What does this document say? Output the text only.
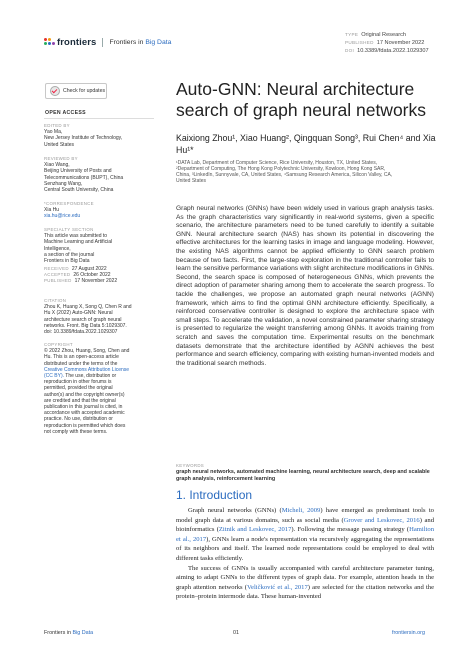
frontiers Frontiers in Big Data
TYPE Original Research
PUBLISHED 17 November 2022
DOI 10.3389/fdata.2022.1029307
Check for updates
OPEN ACCESS
EDITED BY
Yao Ma,
New Jersey Institute of Technology,
United States
REVIEWED BY
Xiao Wang,
Beijing University of Posts and
Telecommunications (BUPT), China
Senzhang Wang,
Central South University, China
*CORRESPONDENCE
Xia Hu
xia.hu@rice.edu
SPECIALTY SECTION
This article was submitted to
Machine Learning and Artificial
Intelligence,
a section of the journal
Frontiers in Big Data
RECEIVED 27 August 2022
ACCEPTED 26 October 2022
PUBLISHED 17 November 2022
CITATION
Zhou K, Huang X, Song Q, Chen R and
Hu X (2022) Auto-GNN: Neural
architecture search of graph neural
networks. Front. Big Data 5:1029307.
doi: 10.3389/fdata.2022.1029307
COPYRIGHT
© 2022 Zhou, Huang, Song, Chen and
Hu. This is an open-access article
distributed under the terms of the
Creative Commons Attribution License
(CC BY). The use, distribution or
reproduction in other forums is
permitted, provided the original
author(s) and the copyright owner(s)
are credited and that the original
publication in this journal is cited, in
accordance with accepted academic
practice. No use, distribution or
reproduction is permitted which does
not comply with these terms.
Auto-GNN: Neural architecture search of graph neural networks
Kaixiong Zhou¹, Xiao Huang², Qingquan Song³, Rui Chen⁴ and Xia Hu¹*
¹DATA Lab, Department of Computer Science, Rice University, Houston, TX, United States,
²Department of Computing, The Hong Kong Polytechnic University, Kowloon, Hong Kong SAR,
China, ³LinkedIn, Sunnyvale, CA, United States, ⁴Samsung Research America, Silicon Valley, CA,
United States
Graph neural networks (GNNs) have been widely used in various graph analysis tasks. As the graph characteristics vary significantly in real-world systems, given a specific scenario, the architecture parameters need to be tuned carefully to identify a suitable GNN. Neural architecture search (NAS) has shown its potential in discovering the effective architectures for the learning tasks in image and language modeling. However, the existing NAS algorithms cannot be applied efficiently to GNN search problem because of two facts. First, the large-step exploration in the traditional controller fails to learn the sensitive performance variations with slight architecture modifications in GNNs. Second, the search space is composed of heterogeneous GNNs, which prevents the direct adoption of parameter sharing among them to accelerate the search progress. To tackle the challenges, we propose an automated graph neural networks (AGNN) framework, which aims to find the optimal GNN architecture efficiently. Specifically, a reinforced conservative controller is designed to explore the architecture space with small steps. To accelerate the validation, a novel constrained parameter sharing strategy is presented to regularize the weight transferring among GNNs. It avoids training from scratch and saves the computation time. Experimental results on the benchmark datasets demonstrate that the architecture identified by AGNN achieves the best performance and search efficiency, comparing with existing human-invented models and the traditional search methods.
KEYWORDS
graph neural networks, automated machine learning, neural architecture search, deep and scalable graph analysis, reinforcement learning
1. Introduction

Graph neural networks (GNNs) (Micheli, 2009) have emerged as predominant tools to model graph data at various domains, such as social media (Grover and Leskovec, 2016) and bioinformatics (Zitnik and Leskovec, 2017). Following the message passing strategy (Hamilton et al., 2017), GNNs learn a node's representation via recursively aggregating the representations of its neighbors and itself. The learned node representations could be employed to deal with different tasks efficiently.

The success of GNNs is usually accompanied with careful architecture parameter tuning, aiming to adapt GNNs to the different types of graph data. For example, attention heads in the graph attention networks (Veličković et al., 2017) are selected for the citation networks and the protein–protein intermode data. These human-invented

Frontiers in Big Data	01	frontiersin.org
